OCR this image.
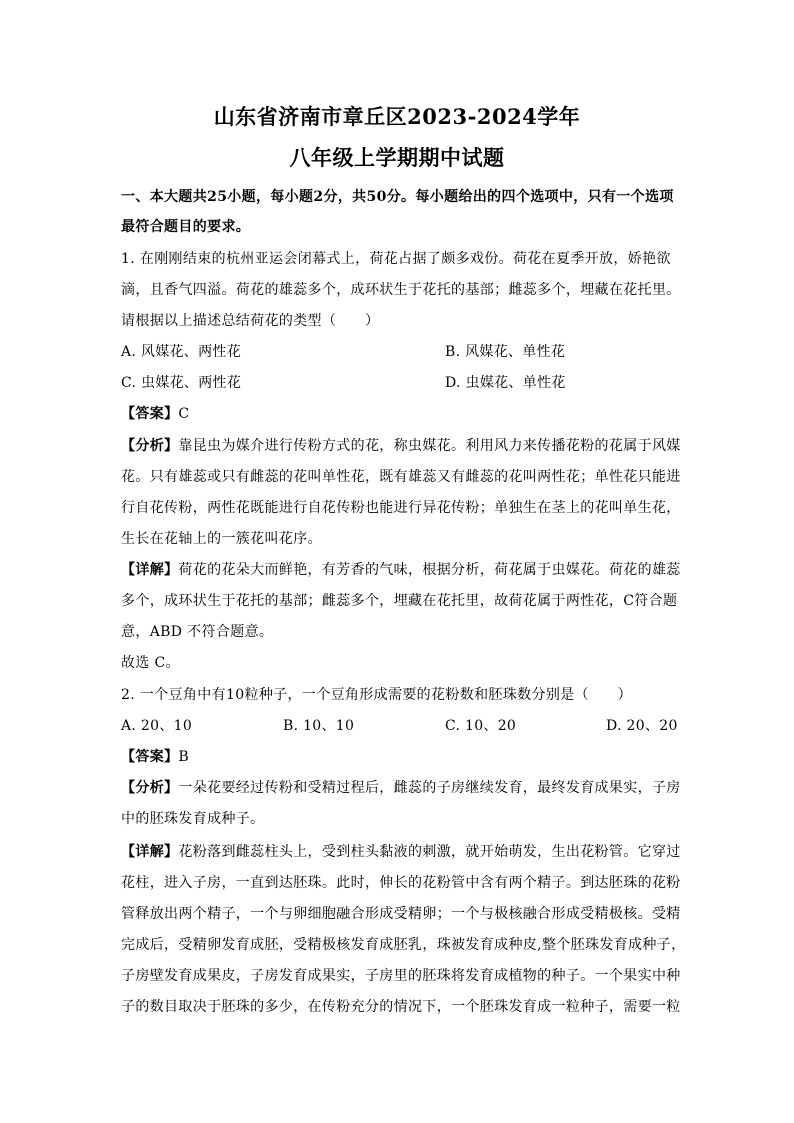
山东省济南市章丘区2023-2024学年
八年级上学期期中试题
一、本大题共25小题，每小题2分，共50分。每小题给出的四个选项中，只有一个选项
最符合题目的要求。
1. 在刚刚结束的杭州亚运会闭幕式上，荷花占据了颇多戏份。荷花在夏季开放，娇艳欲
滴，且香气四溢。荷花的雄蕊多个，成环状生于花托的基部；雌蕊多个，埋藏在花托里。
请根据以上描述总结荷花的类型（　　）
A. 风媒花、两性花	B. 风媒花、单性花
C. 虫媒花、两性花	D. 虫媒花、单性花
【答案】C
【分析】靠昆虫为媒介进行传粉方式的花，称虫媒花。利用风力来传播花粉的花属于风媒
花。只有雄蕊或只有雌蕊的花叫单性花，既有雄蕊又有雌蕊的花叫两性花；单性花只能进
行自花传粉，两性花既能进行自花传粉也能进行异花传粉；单独生在茎上的花叫单生花，
生长在花轴上的一簇花叫花序。
【详解】荷花的花朵大而鲜艳，有芳香的气味，根据分析，荷花属于虫媒花。荷花的雄蕊
多个，成环状生于花托的基部；雌蕊多个，埋藏在花托里，故荷花属于两性花，C符合题
意，ABD 不符合题意。
故选 C。
2. 一个豆角中有10粒种子，一个豆角形成需要的花粉数和胚珠数分别是（　　）
A. 20、10	B. 10、10	C. 10、20	D. 20、20
【答案】B
【分析】一朵花要经过传粉和受精过程后，雌蕊的子房继续发育，最终发育成果实，子房
中的胚珠发育成种子。
【详解】花粉落到雌蕊柱头上，受到柱头黏液的刺激，就开始萌发，生出花粉管。它穿过
花柱，进入子房，一直到达胚珠。此时，伸长的花粉管中含有两个精子。到达胚珠的花粉
管释放出两个精子，一个与卵细胞融合形成受精卵；一个与极核融合形成受精极核。受精
完成后，受精卵发育成胚，受精极核发育成胚乳，珠被发育成种皮,整个胚珠发育成种子，
子房壁发育成果皮，子房发育成果实，子房里的胚珠将发育成植物的种子。一个果实中种
子的数目取决于胚珠的多少，在传粉充分的情况下，一个胚珠发育成一粒种子，需要一粒
